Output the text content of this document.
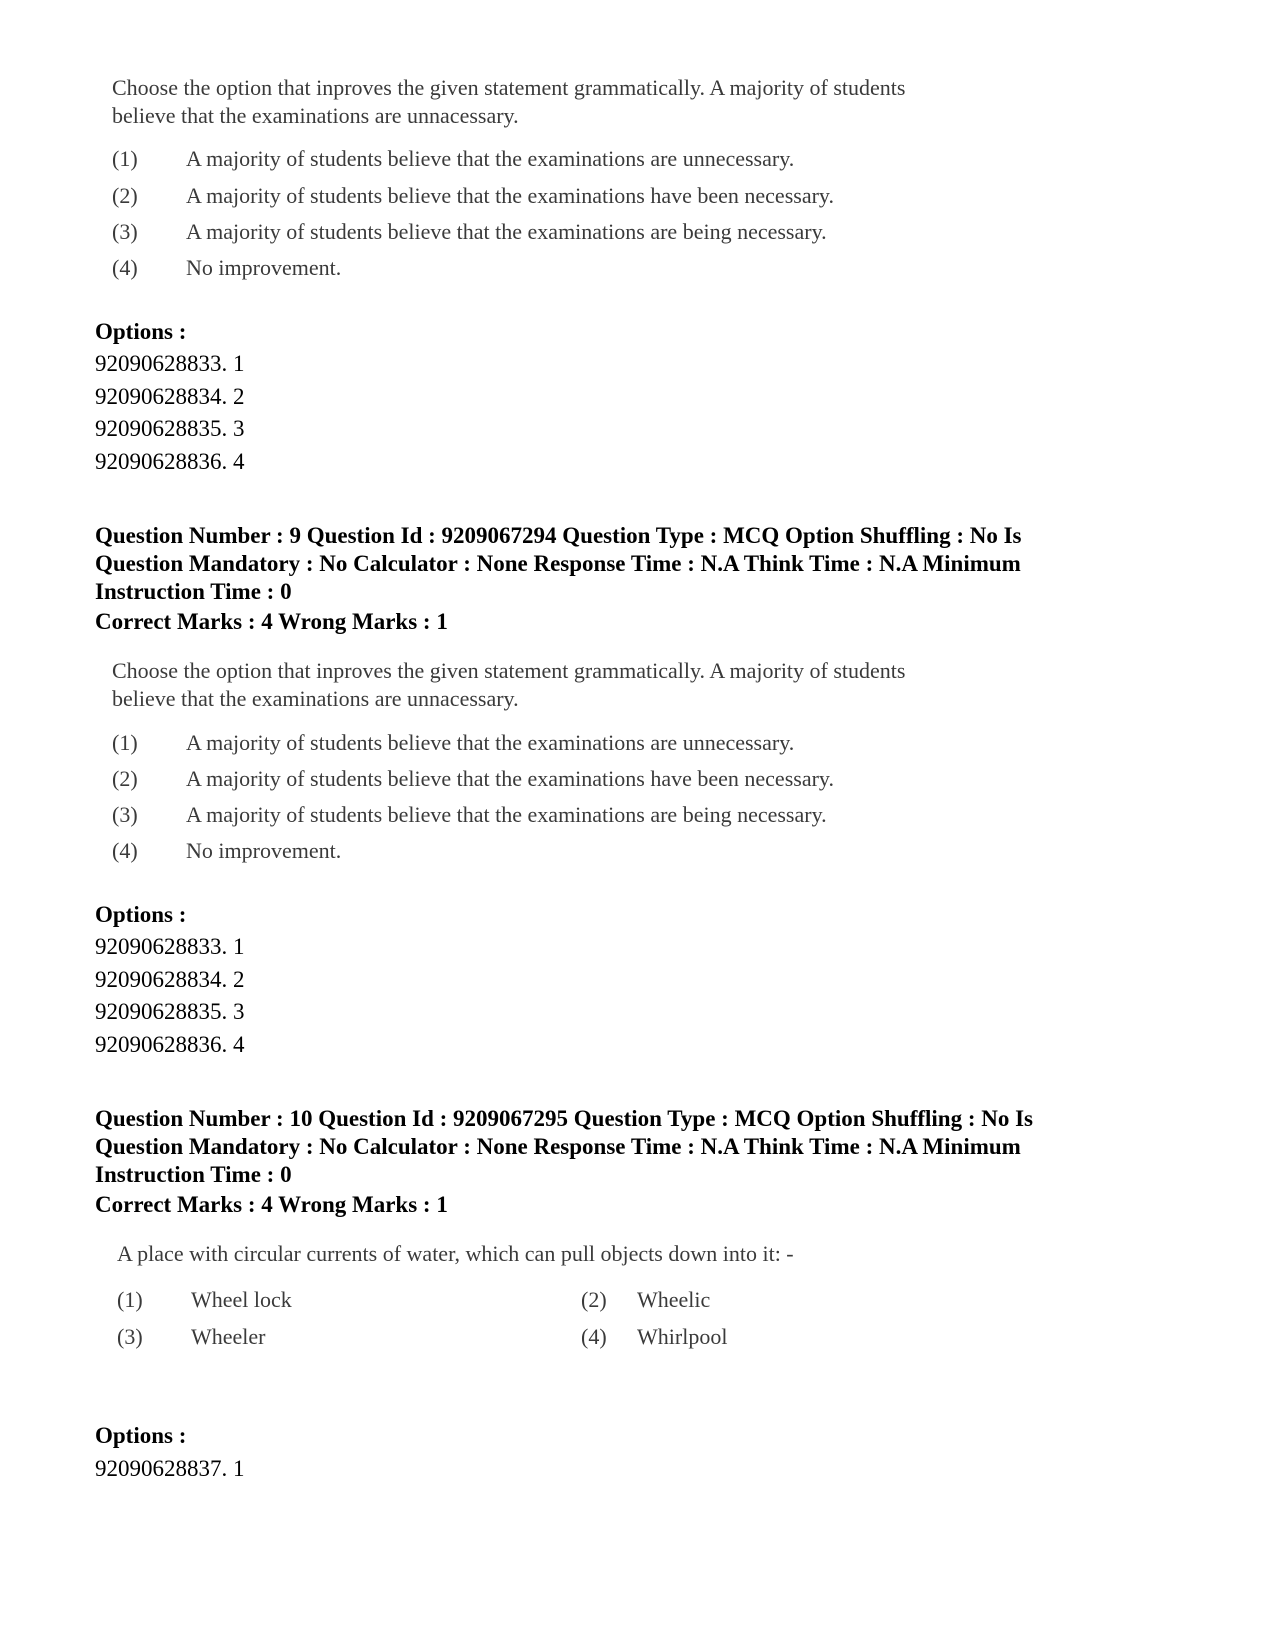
Choose the option that inproves the given statement grammatically. A majority of students
believe that the examinations are unnacessary.
(1) A majority of students believe that the examinations are unnecessary.
(2) A majority of students believe that the examinations have been necessary.
(3) A majority of students believe that the examinations are being necessary.
(4) No improvement.
Options :
92090628833. 1
92090628834. 2
92090628835. 3
92090628836. 4
Question Number : 9 Question Id : 9209067294 Question Type : MCQ Option Shuffling : No Is
Question Mandatory : No Calculator : None Response Time : N.A Think Time : N.A Minimum
Instruction Time : 0
Correct Marks : 4 Wrong Marks : 1
Choose the option that inproves the given statement grammatically. A majority of students
believe that the examinations are unnacessary.
(1) A majority of students believe that the examinations are unnecessary.
(2) A majority of students believe that the examinations have been necessary.
(3) A majority of students believe that the examinations are being necessary.
(4) No improvement.
Options :
92090628833. 1
92090628834. 2
92090628835. 3
92090628836. 4
Question Number : 10 Question Id : 9209067295 Question Type : MCQ Option Shuffling : No Is
Question Mandatory : No Calculator : None Response Time : N.A Think Time : N.A Minimum
Instruction Time : 0
Correct Marks : 4 Wrong Marks : 1
A place with circular currents of water, which can pull objects down into it: -
(1) Wheel lock	(2) Wheelic
(3) Wheeler	(4) Whirlpool
Options :
92090628837. 1
